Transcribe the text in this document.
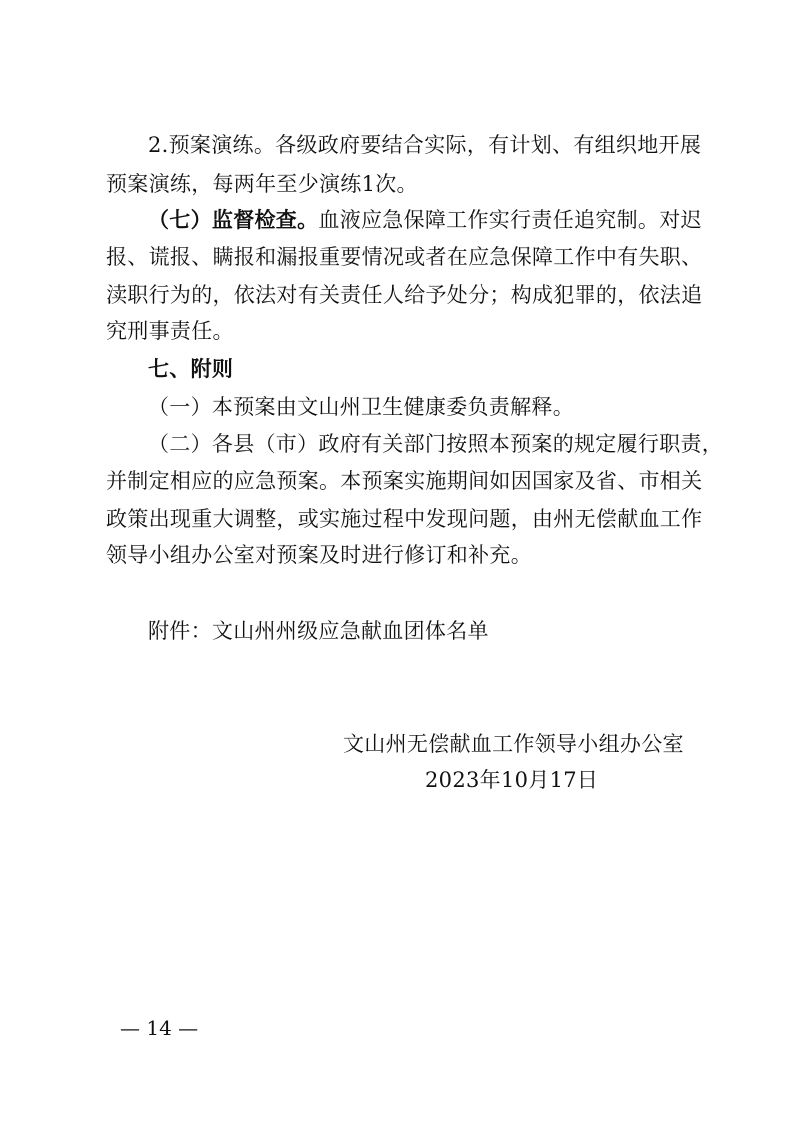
2.预案演练。各级政府要结合实际，有计划、有组织地开展
预案演练，每两年至少演练1次。
（七）监督检查。血液应急保障工作实行责任追究制。对迟
报、谎报、瞒报和漏报重要情况或者在应急保障工作中有失职、
渎职行为的，依法对有关责任人给予处分；构成犯罪的，依法追
究刑事责任。
七、附则
（一）本预案由文山州卫生健康委负责解释。
（二）各县（市）政府有关部门按照本预案的规定履行职责，
并制定相应的应急预案。本预案实施期间如因国家及省、市相关
政策出现重大调整，或实施过程中发现问题，由州无偿献血工作
领导小组办公室对预案及时进行修订和补充。
附件：文山州州级应急献血团体名单
文山州无偿献血工作领导小组办公室
2023年10月17日
— 14 —
